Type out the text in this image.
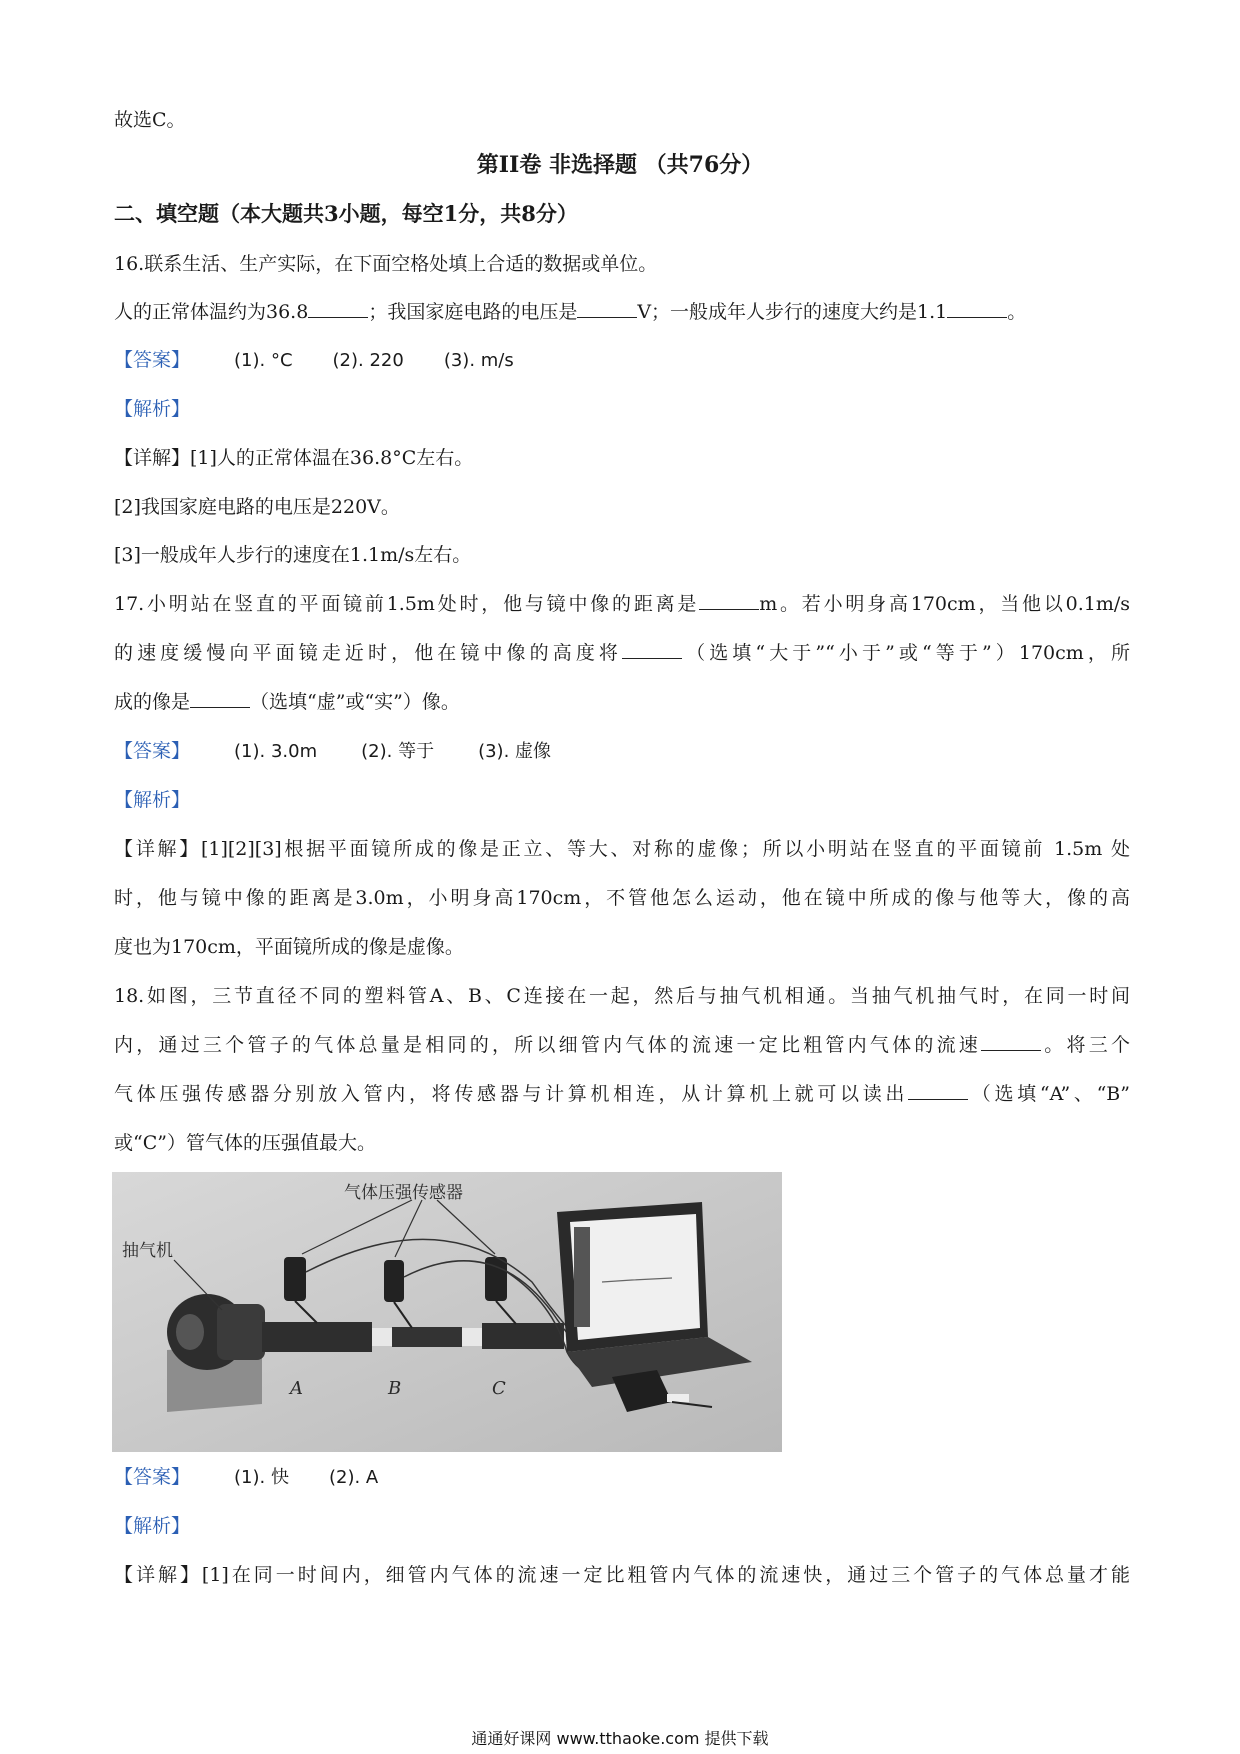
故选C。
第II卷 非选择题 （共76分）
二、填空题（本大题共3小题，每空1分，共8分）
16.联系生活、生产实际，在下面空格处填上合适的数据或单位。
人的正常体温约为36.8	；我国家庭电路的电压是	V；一般成年人步行的速度大约是1.1	。
【答案】 (1). °C (2). 220 (3). m/s
【解析】
【详解】[1]人的正常体温在36.8°C左右。
[2]我国家庭电路的电压是220V。
[3]一般成年人步行的速度在1.1m/s左右。
17.小明站在竖直的平面镜前1.5m处时，他与镜中像的距离是	m。若小明身高170cm，当他以0.1m/s
的速度缓慢向平面镜走近时，他在镜中像的高度将	（选填“大于”“小于”或“等于”）170cm，所
成的像是	（选填“虚”或“实”）像。
【答案】 (1). 3.0m (2). 等于 (3). 虚像
【解析】
【详解】[1][2][3]根据平面镜所成的像是正立、等大、对称的虚像；所以小明站在竖直的平面镜前 1.5m 处
时，他与镜中像的距离是3.0m，小明身高170cm，不管他怎么运动，他在镜中所成的像与他等大，像的高
度也为170cm，平面镜所成的像是虚像。
18.如图，三节直径不同的塑料管A、B、C连接在一起，然后与抽气机相通。当抽气机抽气时，在同一时间
内，通过三个管子的气体总量是相同的，所以细管内气体的流速一定比粗管内气体的流速	。将三个
气体压强传感器分别放入管内，将传感器与计算机相连，从计算机上就可以读出	（选填“A”、“B”
或“C”）管气体的压强值最大。
气体压强传感器
抽气机
A	B	C
【答案】 (1). 快 (2). A
【解析】
【详解】[1]在同一时间内，细管内气体的流速一定比粗管内气体的流速快，通过三个管子的气体总量才能
通通好课网 www.tthaoke.com 提供下载
